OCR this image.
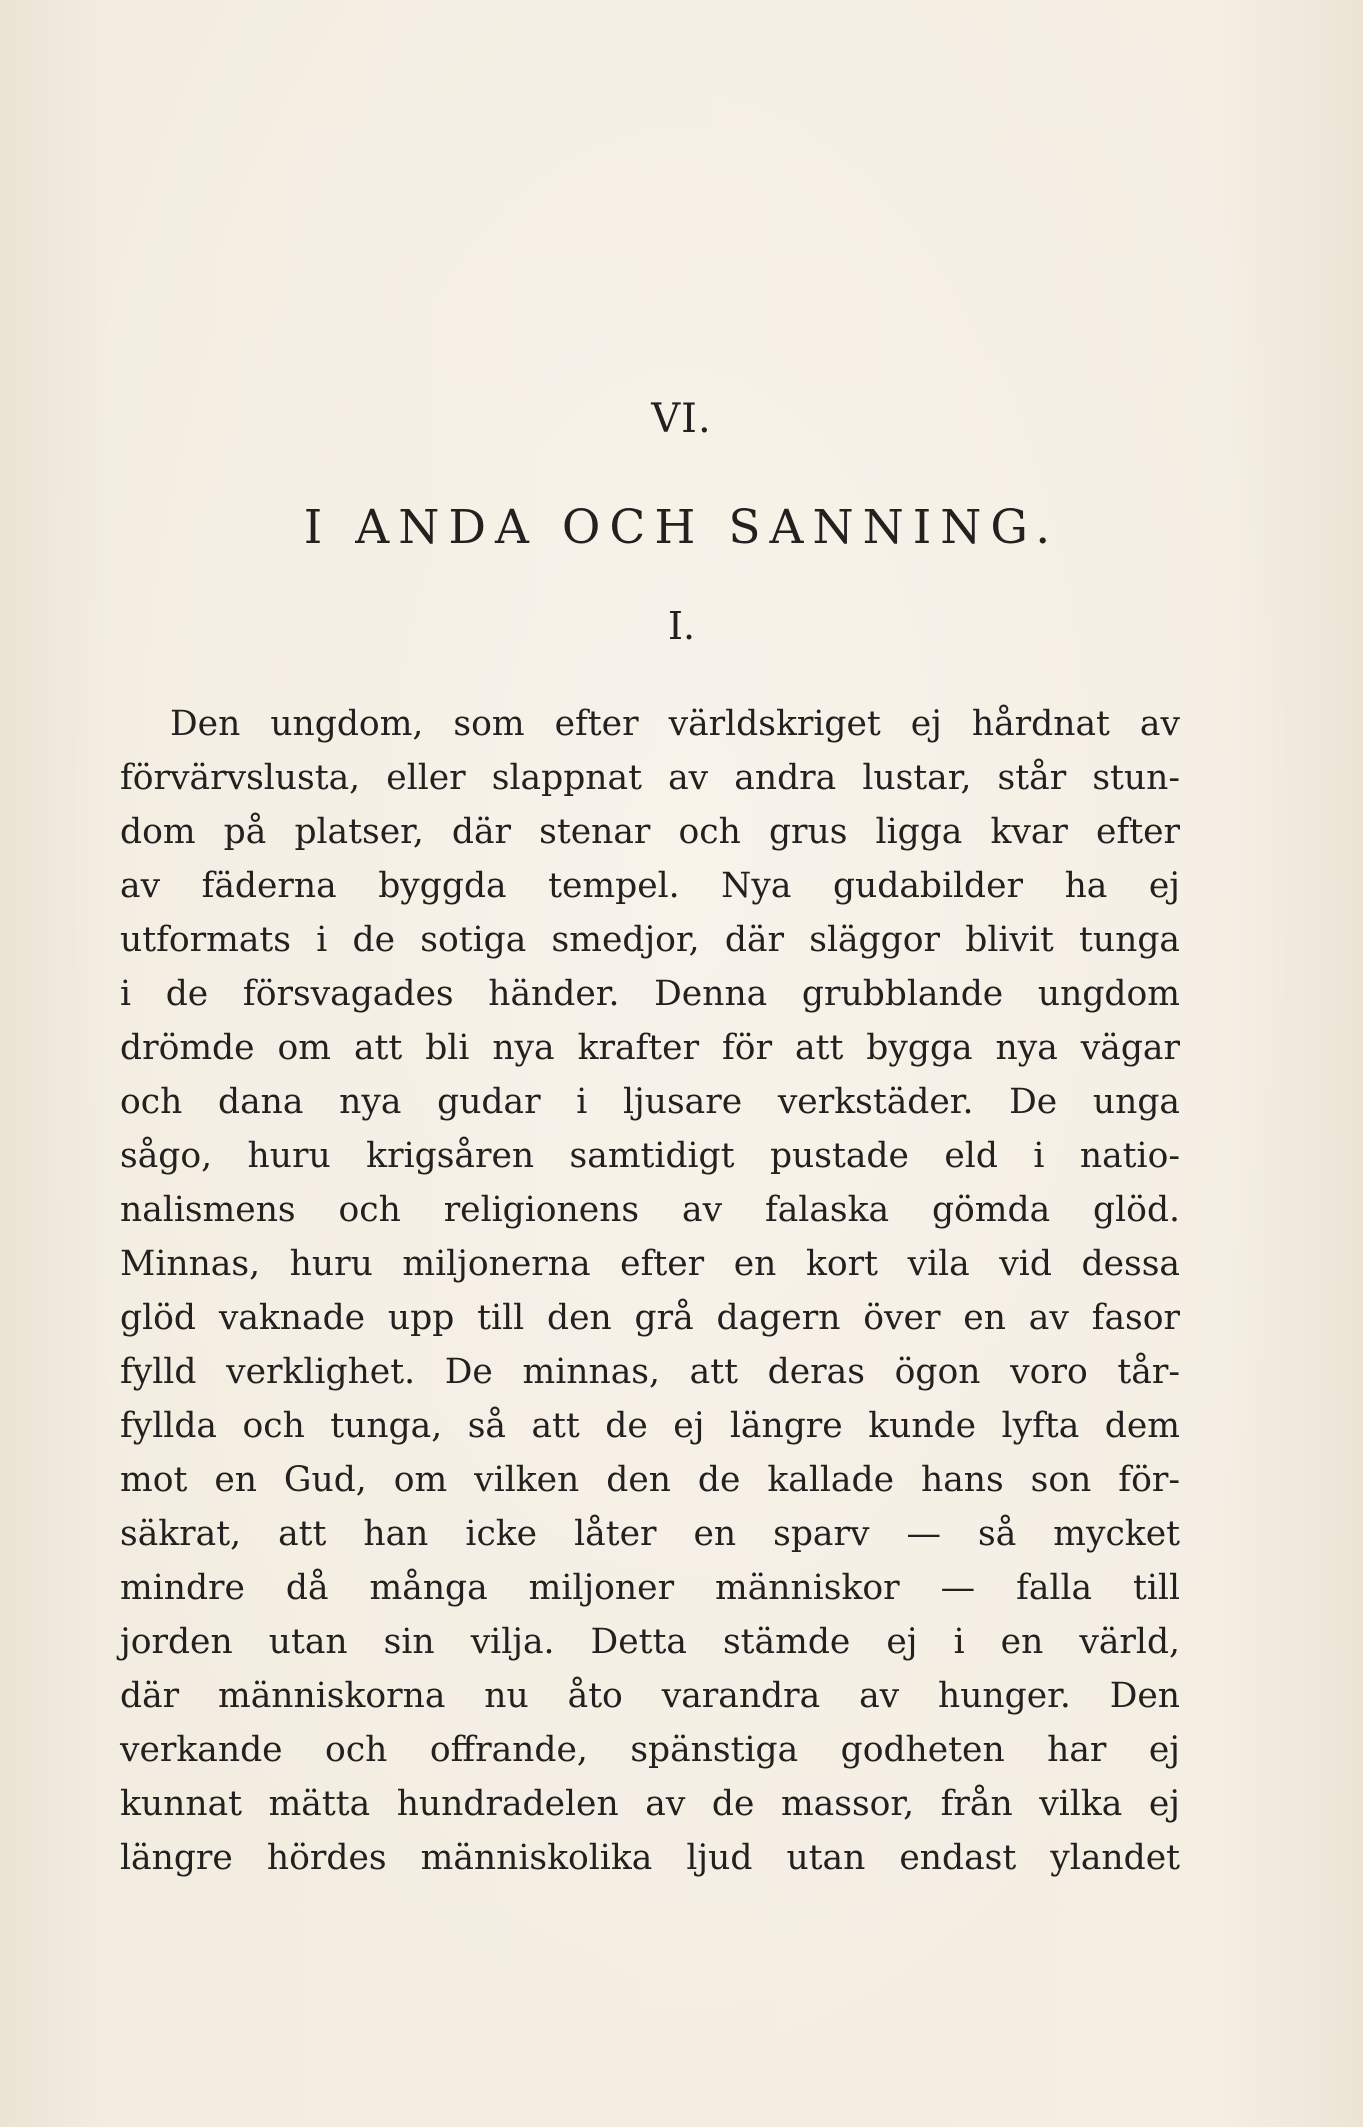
VI.
I ANDA OCH SANNING.
I.
Den ungdom, som efter världskriget ej hårdnat av
förvärvslusta, eller slappnat av andra lustar, står stun-
dom på platser, där stenar och grus ligga kvar efter
av fäderna byggda tempel. Nya gudabilder ha ej
utformats i de sotiga smedjor, där släggor blivit tunga
i de försvagades händer. Denna grubblande ungdom
drömde om att bli nya krafter för att bygga nya vägar
och dana nya gudar i ljusare verkstäder. De unga
sågo, huru krigsåren samtidigt pustade eld i natio-
nalismens och religionens av falaska gömda glöd.
Minnas, huru miljonerna efter en kort vila vid dessa
glöd vaknade upp till den grå dagern över en av fasor
fylld verklighet. De minnas, att deras ögon voro tår-
fyllda och tunga, så att de ej längre kunde lyfta dem
mot en Gud, om vilken den de kallade hans son för-
säkrat, att han icke låter en sparv — så mycket
mindre då många miljoner människor — falla till
jorden utan sin vilja. Detta stämde ej i en värld,
där människorna nu åto varandra av hunger. Den
verkande och offrande, spänstiga godheten har ej
kunnat mätta hundradelen av de massor, från vilka ej
längre hördes människolika ljud utan endast ylandet
